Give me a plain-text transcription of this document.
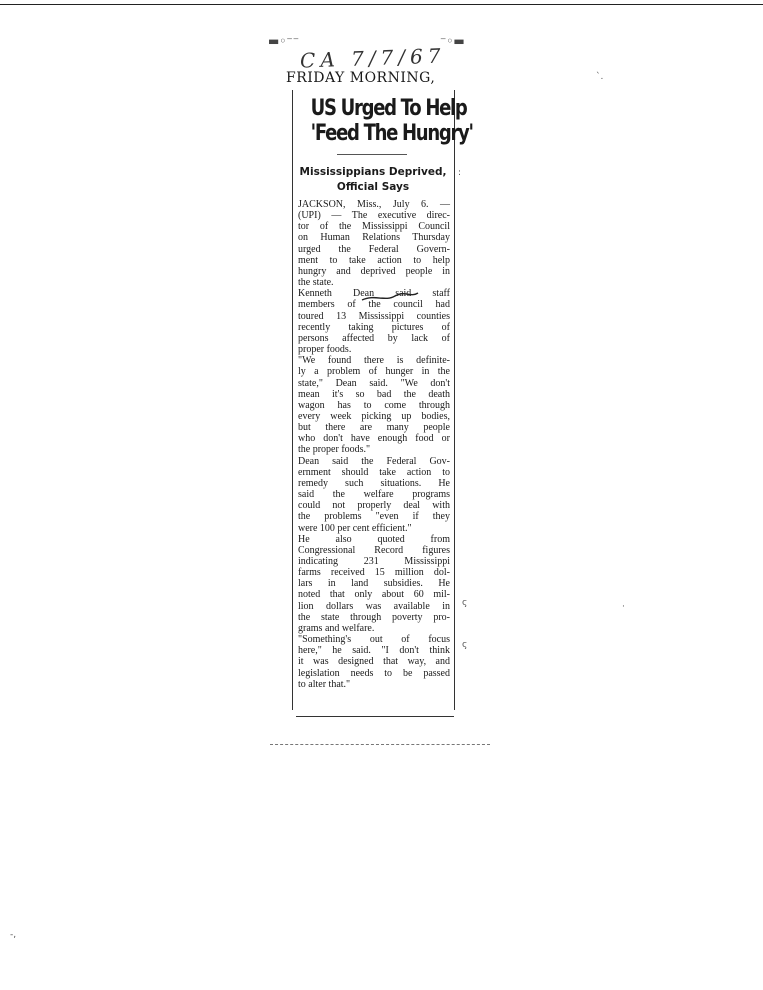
▬◦⁻⁻	⁻◦▬
CA 7/7/67
FRIDAY MORNING,
US Urged To Help
'Feed The Hungry'
Mississippians Deprived,
Official Says
JACKSON, Miss., July 6. —
(UPI) — The executive direc-
tor of the Mississippi Council
on Human Relations Thursday
urged the Federal Govern-
ment to take action to help
hungry and deprived people in
the state.
Kenneth Dean said staff
members of the council had
toured 13 Mississippi counties
recently taking pictures of
persons affected by lack of
proper foods.
"We found there is definite-
ly a problem of hunger in the
state," Dean said. "We don't
mean it's so bad the death
wagon has to come through
every week picking up bodies,
but there are many people
who don't have enough food or
the proper foods."
Dean said the Federal Gov-
ernment should take action to
remedy such situations. He
said the welfare programs
could not properly deal with
the problems "even if they
were 100 per cent efficient."
He also quoted from
Congressional Record figures
indicating 231 Mississippi
farms received 15 million dol-
lars in land subsidies. He
noted that only about 60 mil-
lion dollars was available in
the state through poverty pro-
grams and welfare.
"Something's out of focus
here," he said. "I don't think
it was designed that way, and
legislation needs to be passed
to alter that."
`.
:
ς
ς
·
-,
